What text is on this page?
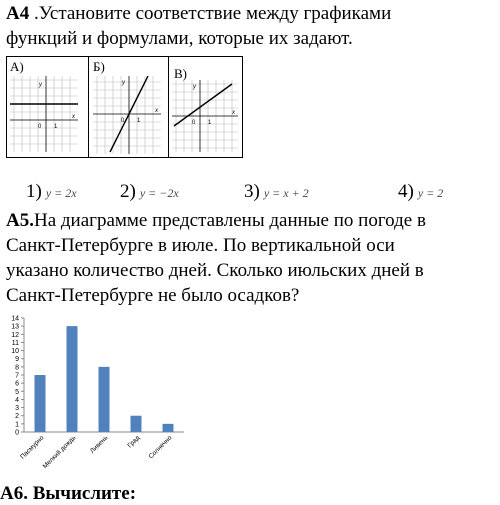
A4 .Установите соответствие между графиками
функций и формулами, которые их задают.
А)	Б)	В)
0 1
y
x
0 1
y
x
0 1
y
x
1) y = 2x 2) y = −2x	3) y = x + 2	4) y = 2
А5.На диаграмме представлены данные по погоде в
Санкт-Петербурге в июле. По вертикальной оси
указано количество дней. Сколько июльских дней в
Санкт-Петербурге не было осадков?
0
1
2
3
4
5
6
7
8
9
10
11
12
13
14
Пасмурно
Мелкий дождь Ливень	Град Солнечно
А6. Вычислите:
